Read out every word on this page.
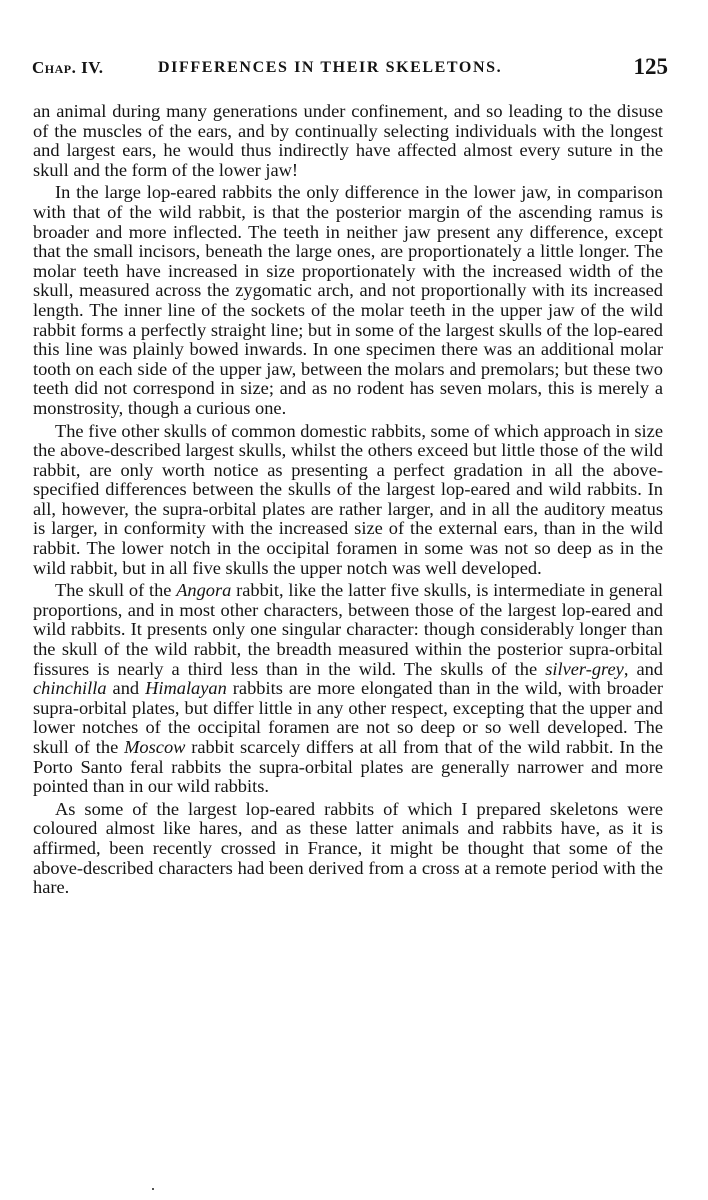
Chap. IV.	DIFFERENCES IN THEIR SKELETONS.	125

an animal during many generations under confinement, and so leading to the disuse of the muscles of the ears, and by continually selecting individuals with the longest and largest ears, he would thus indirectly have affected almost every suture in the skull and the form of the lower jaw!

In the large lop-eared rabbits the only difference in the lower jaw, in comparison with that of the wild rabbit, is that the posterior margin of the ascending ramus is broader and more inflected. The teeth in neither jaw present any difference, except that the small incisors, beneath the large ones, are proportionately a little longer. The molar teeth have increased in size proportionately with the increased width of the skull, measured across the zygomatic arch, and not proportionally with its increased length. The inner line of the sockets of the molar teeth in the upper jaw of the wild rabbit forms a perfectly straight line; but in some of the largest skulls of the lop-eared this line was plainly bowed inwards. In one specimen there was an additional molar tooth on each side of the upper jaw, between the molars and premolars; but these two teeth did not correspond in size; and as no rodent has seven molars, this is merely a monstrosity, though a curious one.

The five other skulls of common domestic rabbits, some of which approach in size the above-described largest skulls, whilst the others exceed but little those of the wild rabbit, are only worth notice as presenting a perfect gradation in all the above-specified differences between the skulls of the largest lop-eared and wild rabbits. In all, however, the supra-orbital plates are rather larger, and in all the auditory meatus is larger, in conformity with the increased size of the external ears, than in the wild rabbit. The lower notch in the occipital foramen in some was not so deep as in the wild rabbit, but in all five skulls the upper notch was well developed.

The skull of the Angora rabbit, like the latter five skulls, is intermediate in general proportions, and in most other characters, between those of the largest lop-eared and wild rabbits. It presents only one singular character: though considerably longer than the skull of the wild rabbit, the breadth measured within the posterior supra-orbital fissures is nearly a third less than in the wild. The skulls of the silver-grey, and chinchilla and Himalayan rabbits are more elongated than in the wild, with broader supra-orbital plates, but differ little in any other respect, excepting that the upper and lower notches of the occipital foramen are not so deep or so well developed. The skull of the Moscow rabbit scarcely differs at all from that of the wild rabbit. In the Porto Santo feral rabbits the supra-orbital plates are generally narrower and more pointed than in our wild rabbits.

As some of the largest lop-eared rabbits of which I prepared skeletons were coloured almost like hares, and as these latter animals and rabbits have, as it is affirmed, been recently crossed in France, it might be thought that some of the above-described characters had been derived from a cross at a remote period with the hare.
